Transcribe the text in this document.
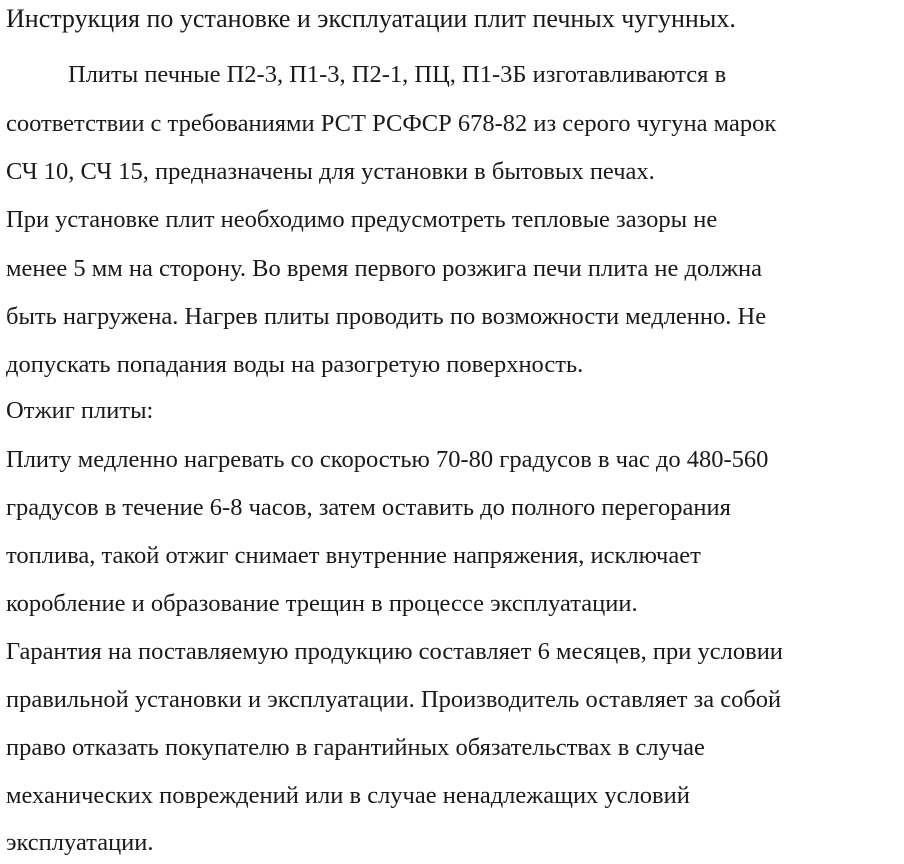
Инструкция по установке и эксплуатации плит печных чугунных.
Плиты печные П2-3, П1-3, П2-1, ПЦ, П1-3Б изготавливаются в
соответствии с требованиями РСТ РСФСР 678-82 из серого чугуна марок
СЧ 10, СЧ 15, предназначены для установки в бытовых печах.
При установке плит необходимо предусмотреть тепловые зазоры не
менее 5 мм на сторону. Во время первого розжига печи плита не должна
быть нагружена. Нагрев плиты проводить по возможности медленно. Не
допускать попадания воды на разогретую поверхность.
Отжиг плиты:
Плиту медленно нагревать со скоростью 70-80 градусов в час до 480-560
градусов в течение 6-8 часов, затем оставить до полного перегорания
топлива, такой отжиг снимает внутренние напряжения, исключает
коробление и образование трещин в процессе эксплуатации.
Гарантия на поставляемую продукцию составляет 6 месяцев, при условии
правильной установки и эксплуатации. Производитель оставляет за собой
право отказать покупателю в гарантийных обязательствах в случае
механических повреждений или в случае ненадлежащих условий
эксплуатации.
